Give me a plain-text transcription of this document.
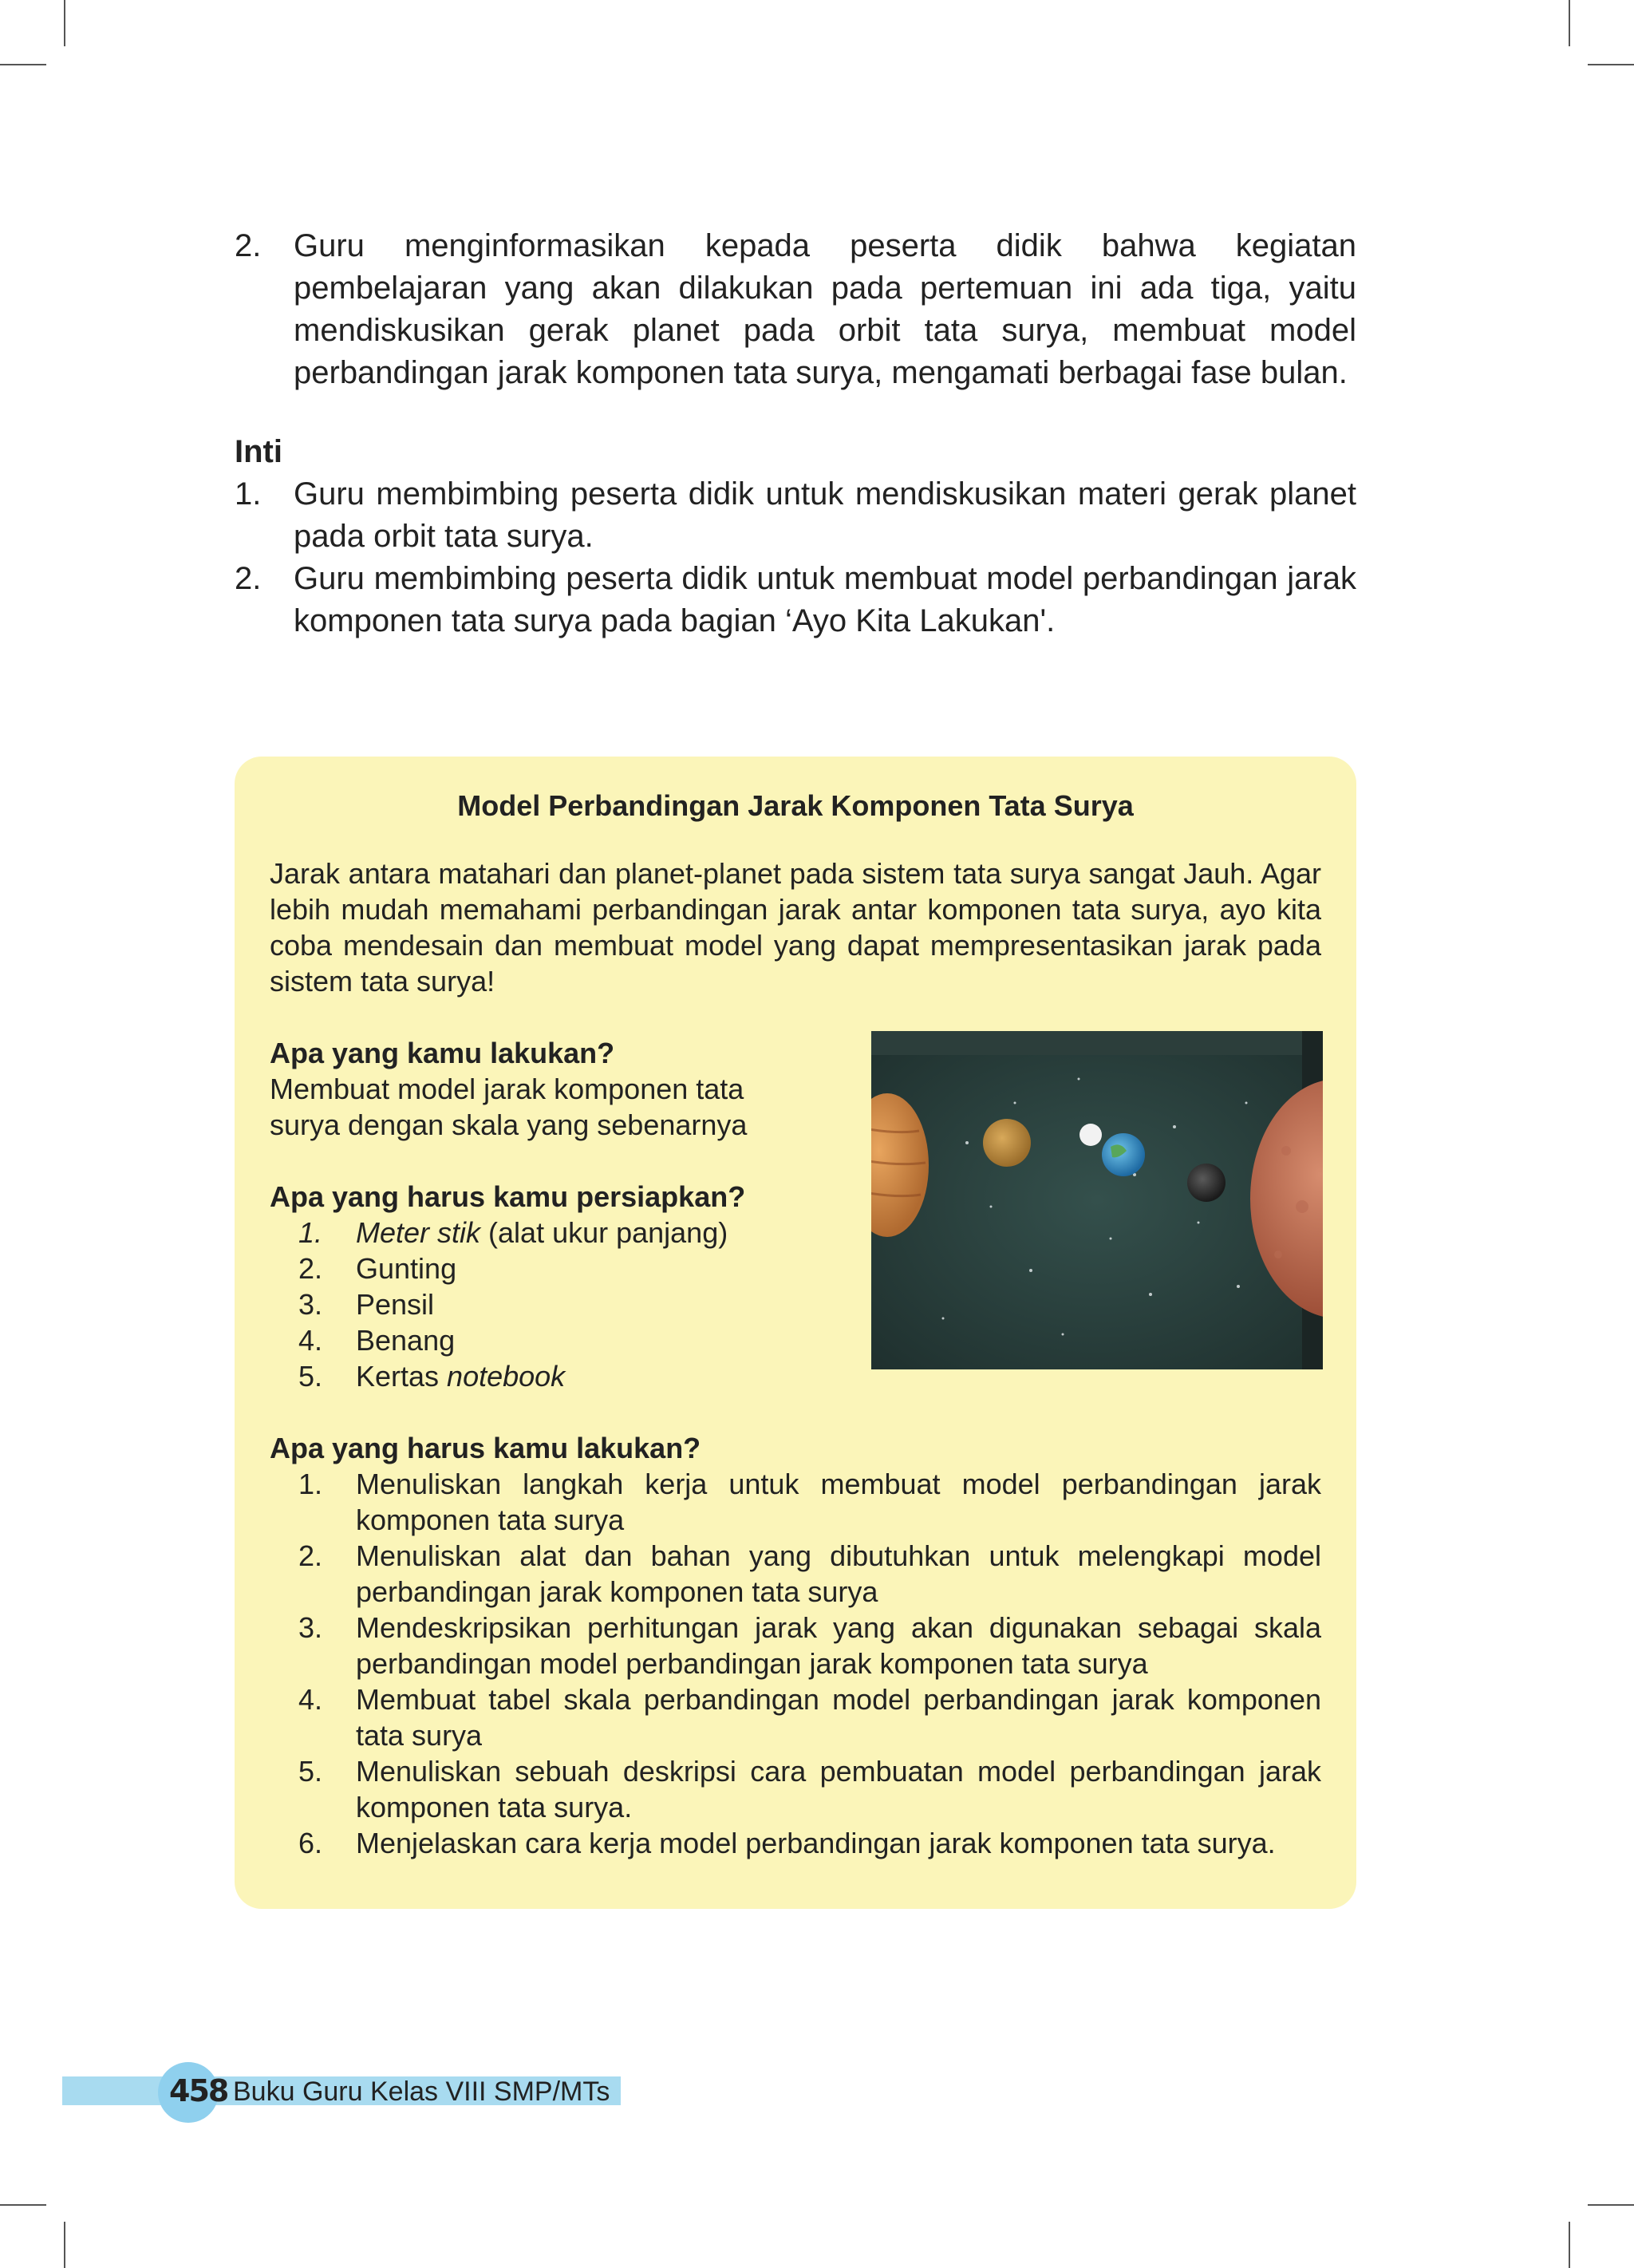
2.	Guru menginformasikan kepada peserta didik bahwa kegiatan pembelajaran yang akan dilakukan pada pertemuan ini ada tiga, yaitu mendiskusikan gerak planet pada orbit tata surya, membuat model perbandingan jarak komponen tata surya, mengamati berbagai fase bulan.
Inti
1.	Guru membimbing peserta didik untuk mendiskusikan materi gerak planet pada orbit tata surya.
2.	Guru membimbing peserta didik untuk membuat model perbandingan jarak komponen tata surya pada bagian ‘Ayo Kita Lakukan'.
Model Perbandingan Jarak Komponen Tata Surya
Jarak antara matahari dan planet-planet pada sistem tata surya sangat Jauh. Agar lebih mudah memahami perbandingan jarak antar komponen tata surya, ayo kita coba mendesain dan membuat model yang dapat mempresentasikan jarak pada sistem tata surya!
Apa yang kamu lakukan?
Membuat model jarak komponen tata surya dengan skala yang sebenarnya
Apa yang harus kamu persiapkan?
1.	Meter stik (alat ukur panjang)
2.	Gunting
3.	Pensil
4.	Benang
5.	Kertas notebook
Apa yang harus kamu lakukan?
1.	Menuliskan langkah kerja untuk membuat model perbandingan jarak komponen tata surya
2.	Menuliskan alat dan bahan yang dibutuhkan untuk melengkapi model perbandingan jarak komponen tata surya
3.	Mendeskripsikan perhitungan jarak yang akan digunakan sebagai skala perbandingan model perbandingan jarak komponen tata surya
4.	Membuat tabel skala perbandingan model perbandingan jarak komponen tata surya
5.	Menuliskan sebuah deskripsi cara pembuatan model perbandingan jarak komponen tata surya.
6.	Menjelaskan cara kerja model perbandingan jarak komponen tata surya.
458 Buku Guru Kelas VIII SMP/MTs
